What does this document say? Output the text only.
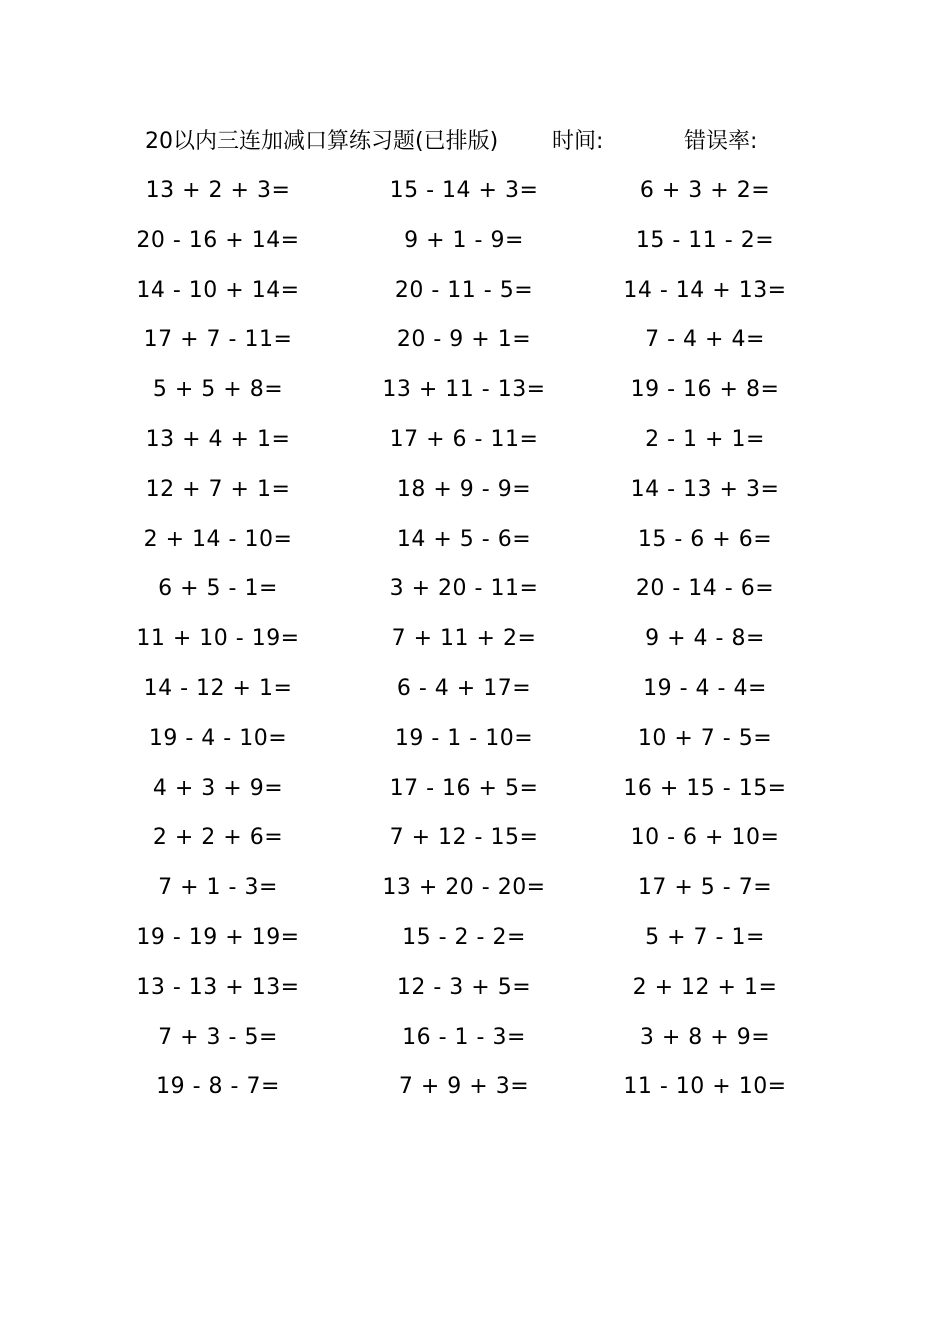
20以内三连加减口算练习题(已排版) 时间:	错误率:
13 + 2 + 3=	15 - 14 + 3=	6 + 3 + 2=
20 - 16 + 14=	9 + 1 - 9=	15 - 11 - 2=
14 - 10 + 14=	20 - 11 - 5=	14 - 14 + 13=
17 + 7 - 11=	20 - 9 + 1=	7 - 4 + 4=
5 + 5 + 8=	13 + 11 - 13=	19 - 16 + 8=
13 + 4 + 1=	17 + 6 - 11=	2 - 1 + 1=
12 + 7 + 1=	18 + 9 - 9=	14 - 13 + 3=
2 + 14 - 10=	14 + 5 - 6=	15 - 6 + 6=
6 + 5 - 1=	3 + 20 - 11=	20 - 14 - 6=
11 + 10 - 19=	7 + 11 + 2=	9 + 4 - 8=
14 - 12 + 1=	6 - 4 + 17=	19 - 4 - 4=
19 - 4 - 10=	19 - 1 - 10=	10 + 7 - 5=
4 + 3 + 9=	17 - 16 + 5=	16 + 15 - 15=
2 + 2 + 6=	7 + 12 - 15=	10 - 6 + 10=
7 + 1 - 3=	13 + 20 - 20=	17 + 5 - 7=
19 - 19 + 19=	15 - 2 - 2=	5 + 7 - 1=
13 - 13 + 13=	12 - 3 + 5=	2 + 12 + 1=
7 + 3 - 5=	16 - 1 - 3=	3 + 8 + 9=
19 - 8 - 7=	7 + 9 + 3=	11 - 10 + 10=
